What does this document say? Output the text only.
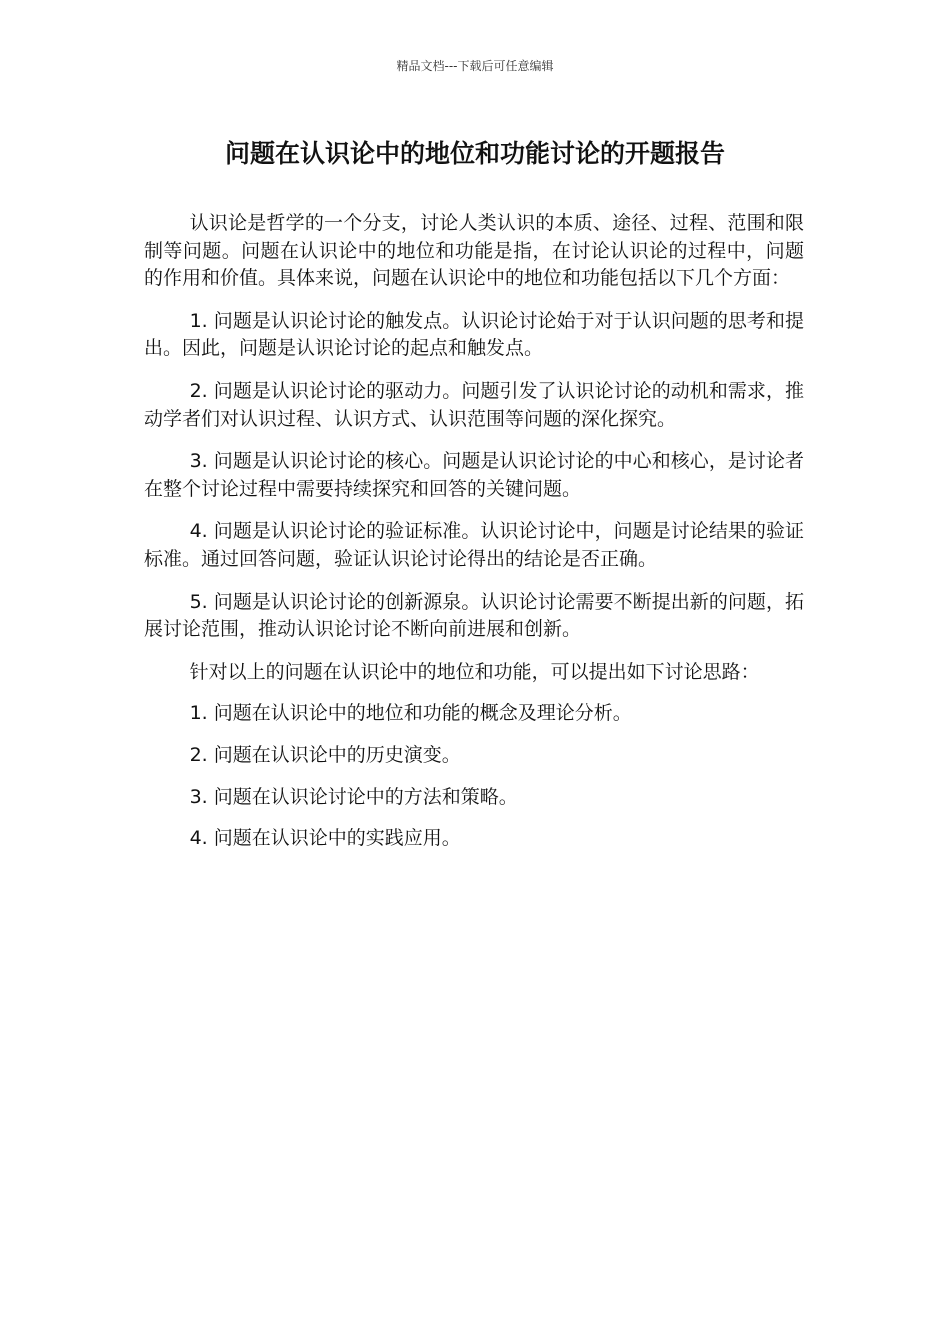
精品文档---下载后可任意编辑
问题在认识论中的地位和功能讨论的开题报告

认识论是哲学的一个分支，讨论人类认识的本质、途径、过程、范围和限制等问题。问题在认识论中的地位和功能是指，在讨论认识论的过程中，问题的作用和价值。具体来说，问题在认识论中的地位和功能包括以下几个方面：

1. 问题是认识论讨论的触发点。认识论讨论始于对于认识问题的思考和提出。因此，问题是认识论讨论的起点和触发点。

2. 问题是认识论讨论的驱动力。问题引发了认识论讨论的动机和需求，推动学者们对认识过程、认识方式、认识范围等问题的深化探究。

3. 问题是认识论讨论的核心。问题是认识论讨论的中心和核心，是讨论者在整个讨论过程中需要持续探究和回答的关键问题。

4. 问题是认识论讨论的验证标准。认识论讨论中，问题是讨论结果的验证标准。通过回答问题，验证认识论讨论得出的结论是否正确。

5. 问题是认识论讨论的创新源泉。认识论讨论需要不断提出新的问题，拓展讨论范围，推动认识论讨论不断向前进展和创新。

针对以上的问题在认识论中的地位和功能，可以提出如下讨论思路：

1. 问题在认识论中的地位和功能的概念及理论分析。

2. 问题在认识论中的历史演变。

3. 问题在认识论讨论中的方法和策略。

4. 问题在认识论中的实践应用。
